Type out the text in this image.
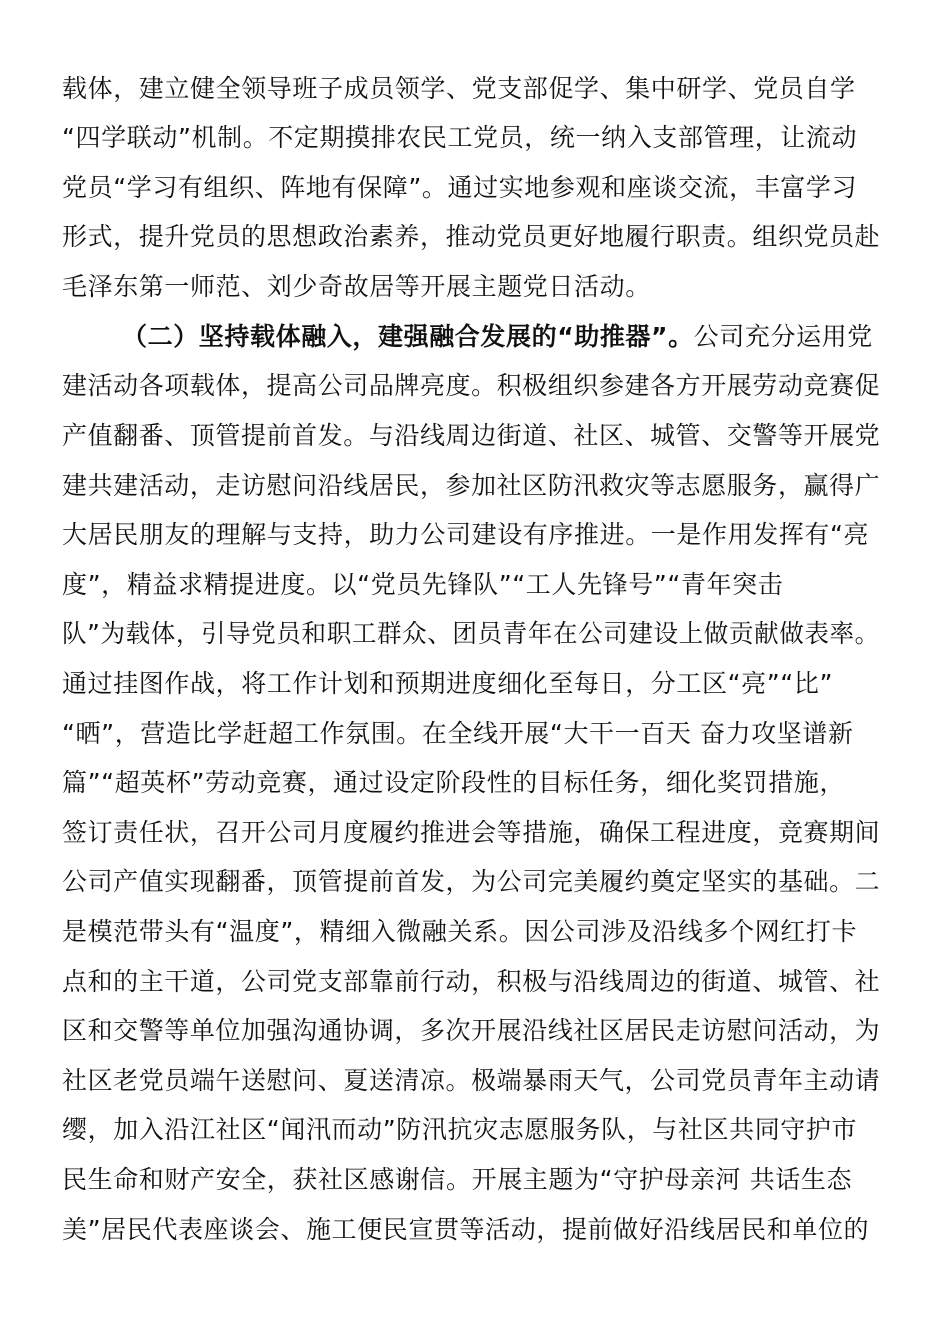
载体，建立健全领导班子成员领学、党支部促学、集中研学、党员自学
“四学联动”机制。不定期摸排农民工党员，统一纳入支部管理，让流动
党员“学习有组织、阵地有保障”。通过实地参观和座谈交流，丰富学习
形式，提升党员的思想政治素养，推动党员更好地履行职责。组织党员赴
毛泽东第一师范、刘少奇故居等开展主题党日活动。
（二）坚持载体融入，建强融合发展的“助推器”。公司充分运用党
建活动各项载体，提高公司品牌亮度。积极组织参建各方开展劳动竞赛促
产值翻番、顶管提前首发。与沿线周边街道、社区、城管、交警等开展党
建共建活动，走访慰问沿线居民，参加社区防汛救灾等志愿服务，赢得广
大居民朋友的理解与支持，助力公司建设有序推进。一是作用发挥有“亮
度”，精益求精提进度。以“党员先锋队”“工人先锋号”“青年突击
队”为载体，引导党员和职工群众、团员青年在公司建设上做贡献做表率。
通过挂图作战，将工作计划和预期进度细化至每日，分工区“亮”“比”
“晒”，营造比学赶超工作氛围。在全线开展“大干一百天 奋力攻坚谱新
篇”“超英杯”劳动竞赛，通过设定阶段性的目标任务，细化奖罚措施，
签订责任状，召开公司月度履约推进会等措施，确保工程进度，竞赛期间
公司产值实现翻番，顶管提前首发，为公司完美履约奠定坚实的基础。二
是模范带头有“温度”，精细入微融关系。因公司涉及沿线多个网红打卡
点和的主干道，公司党支部靠前行动，积极与沿线周边的街道、城管、社
区和交警等单位加强沟通协调，多次开展沿线社区居民走访慰问活动，为
社区老党员端午送慰问、夏送清凉。极端暴雨天气，公司党员青年主动请
缨，加入沿江社区“闻汛而动”防汛抗灾志愿服务队，与社区共同守护市
民生命和财产安全，获社区感谢信。开展主题为“守护母亲河 共话生态
美”居民代表座谈会、施工便民宣贯等活动，提前做好沿线居民和单位的
